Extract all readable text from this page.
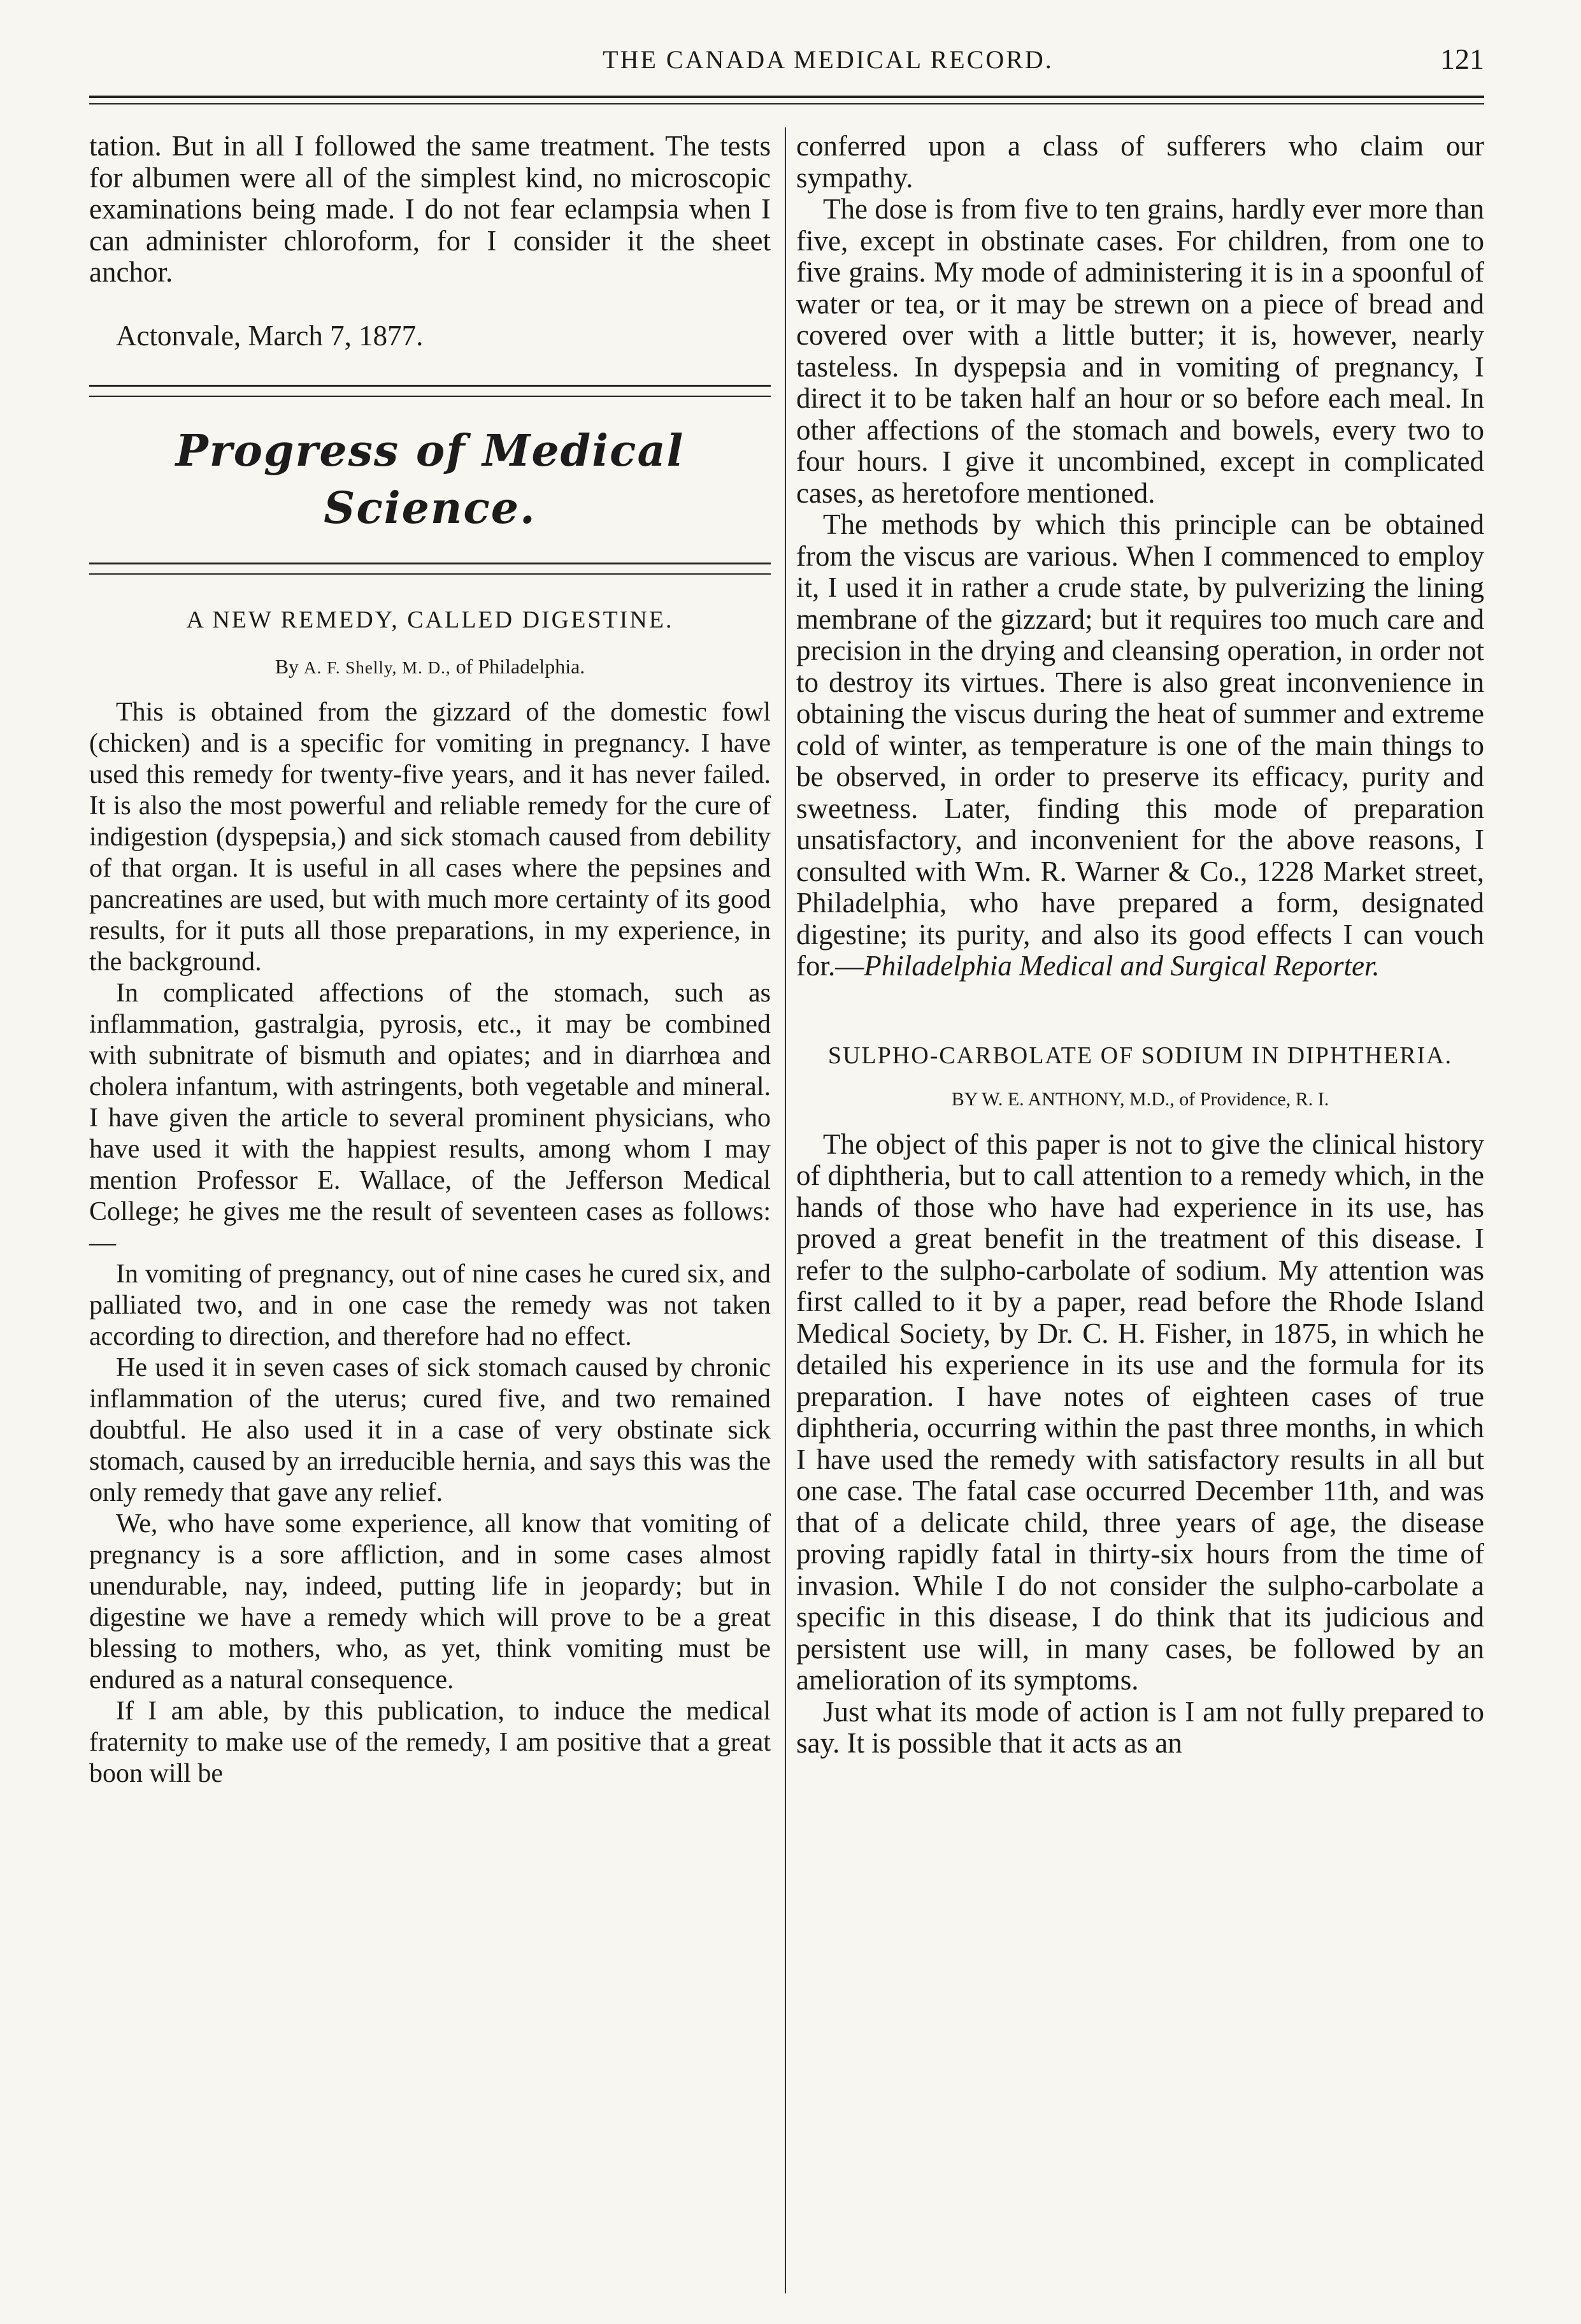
THE CANADA MEDICAL RECORD.	121

tation. But in all I followed the same treatment. The tests for albumen were all of the simplest kind, no microscopic examinations being made. I do not fear eclampsia when I can administer chloroform, for I consider it the sheet anchor.

Actonvale, March 7, 1877.

Progress of Medical Science.
A NEW REMEDY, CALLED DIGESTINE.
By A. F. Shelly, M. D., of Philadelphia.

This is obtained from the gizzard of the domestic fowl (chicken) and is a specific for vomiting in pregnancy. I have used this remedy for twenty-five years, and it has never failed. It is also the most powerful and reliable remedy for the cure of indigestion (dyspepsia,) and sick stomach caused from debility of that organ. It is useful in all cases where the pepsines and pancreatines are used, but with much more certainty of its good results, for it puts all those preparations, in my experience, in the background.

In complicated affections of the stomach, such as inflammation, gastralgia, pyrosis, etc., it may be combined with subnitrate of bismuth and opiates; and in diarrhœa and cholera infantum, with astringents, both vegetable and mineral. I have given the article to several prominent physicians, who have used it with the happiest results, among whom I may mention Professor E. Wallace, of the Jefferson Medical College; he gives me the result of seventeen cases as follows:—

In vomiting of pregnancy, out of nine cases he cured six, and palliated two, and in one case the remedy was not taken according to direction, and therefore had no effect.

He used it in seven cases of sick stomach caused by chronic inflammation of the uterus; cured five, and two remained doubtful. He also used it in a case of very obstinate sick stomach, caused by an irreducible hernia, and says this was the only remedy that gave any relief.

We, who have some experience, all know that vomiting of pregnancy is a sore affliction, and in some cases almost unendurable, nay, indeed, putting life in jeopardy; but in digestine we have a remedy which will prove to be a great blessing to mothers, who, as yet, think vomiting must be endured as a natural consequence.

If I am able, by this publication, to induce the medical fraternity to make use of the remedy, I am positive that a great boon will be

conferred upon a class of sufferers who claim our sympathy.

The dose is from five to ten grains, hardly ever more than five, except in obstinate cases. For children, from one to five grains. My mode of administering it is in a spoonful of water or tea, or it may be strewn on a piece of bread and covered over with a little butter; it is, however, nearly tasteless. In dyspepsia and in vomiting of pregnancy, I direct it to be taken half an hour or so before each meal. In other affections of the stomach and bowels, every two to four hours. I give it uncombined, except in complicated cases, as heretofore mentioned.

The methods by which this principle can be obtained from the viscus are various. When I commenced to employ it, I used it in rather a crude state, by pulverizing the lining membrane of the gizzard; but it requires too much care and precision in the drying and cleansing operation, in order not to destroy its virtues. There is also great inconvenience in obtaining the viscus during the heat of summer and extreme cold of winter, as temperature is one of the main things to be observed, in order to preserve its efficacy, purity and sweetness. Later, finding this mode of preparation unsatisfactory, and inconvenient for the above reasons, I consulted with Wm. R. Warner & Co., 1228 Market street, Philadelphia, who have prepared a form, designated digestine; its purity, and also its good effects I can vouch for.—Philadelphia Medical and Surgical Reporter.

SULPHO-CARBOLATE OF SODIUM IN DIPHTHERIA.
BY W. E. ANTHONY, M.D., of Providence, R. I.

The object of this paper is not to give the clinical history of diphtheria, but to call attention to a remedy which, in the hands of those who have had experience in its use, has proved a great benefit in the treatment of this disease. I refer to the sulpho-carbolate of sodium. My attention was first called to it by a paper, read before the Rhode Island Medical Society, by Dr. C. H. Fisher, in 1875, in which he detailed his experience in its use and the formula for its preparation. I have notes of eighteen cases of true diphtheria, occurring within the past three months, in which I have used the remedy with satisfactory results in all but one case. The fatal case occurred December 11th, and was that of a delicate child, three years of age, the disease proving rapidly fatal in thirty-six hours from the time of invasion. While I do not consider the sulpho-carbolate a specific in this disease, I do think that its judicious and persistent use will, in many cases, be followed by an amelioration of its symptoms.

Just what its mode of action is I am not fully prepared to say. It is possible that it acts as an
